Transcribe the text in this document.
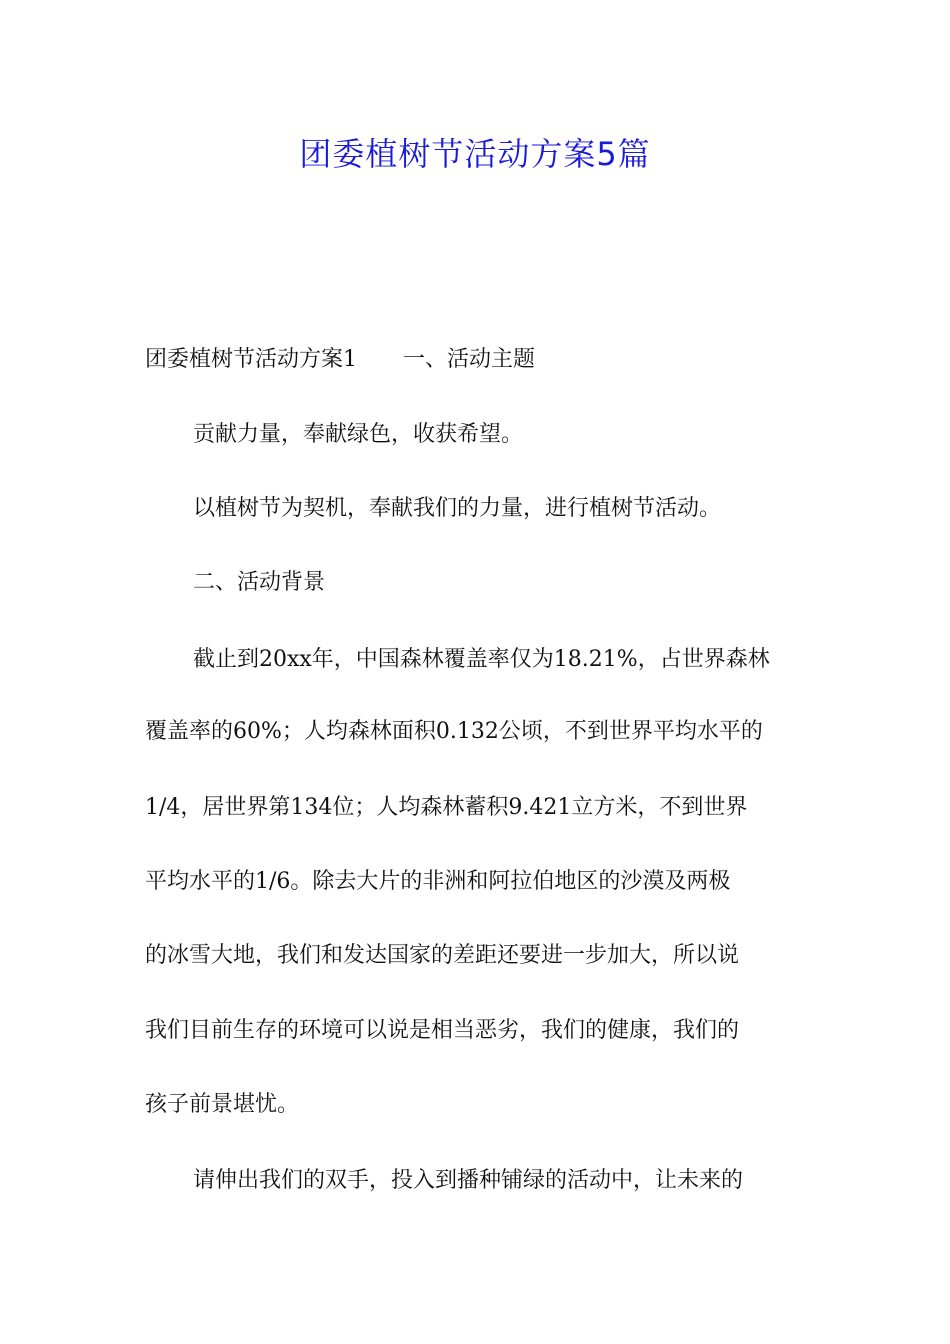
团委植树节活动方案5篇
团委植树节活动方案1 一、活动主题
贡献力量，奉献绿色，收获希望。
以植树节为契机，奉献我们的力量，进行植树节活动。
二、活动背景
截止到20xx年，中国森林覆盖率仅为18.21%，占世界森林
覆盖率的60%；人均森林面积0.132公顷，不到世界平均水平的
1/4，居世界第134位；人均森林蓄积9.421立方米，不到世界
平均水平的1/6。除去大片的非洲和阿拉伯地区的沙漠及两极
的冰雪大地，我们和发达国家的差距还要进一步加大，所以说
我们目前生存的环境可以说是相当恶劣，我们的健康，我们的
孩子前景堪忧。
请伸出我们的双手，投入到播种铺绿的活动中，让未来的
